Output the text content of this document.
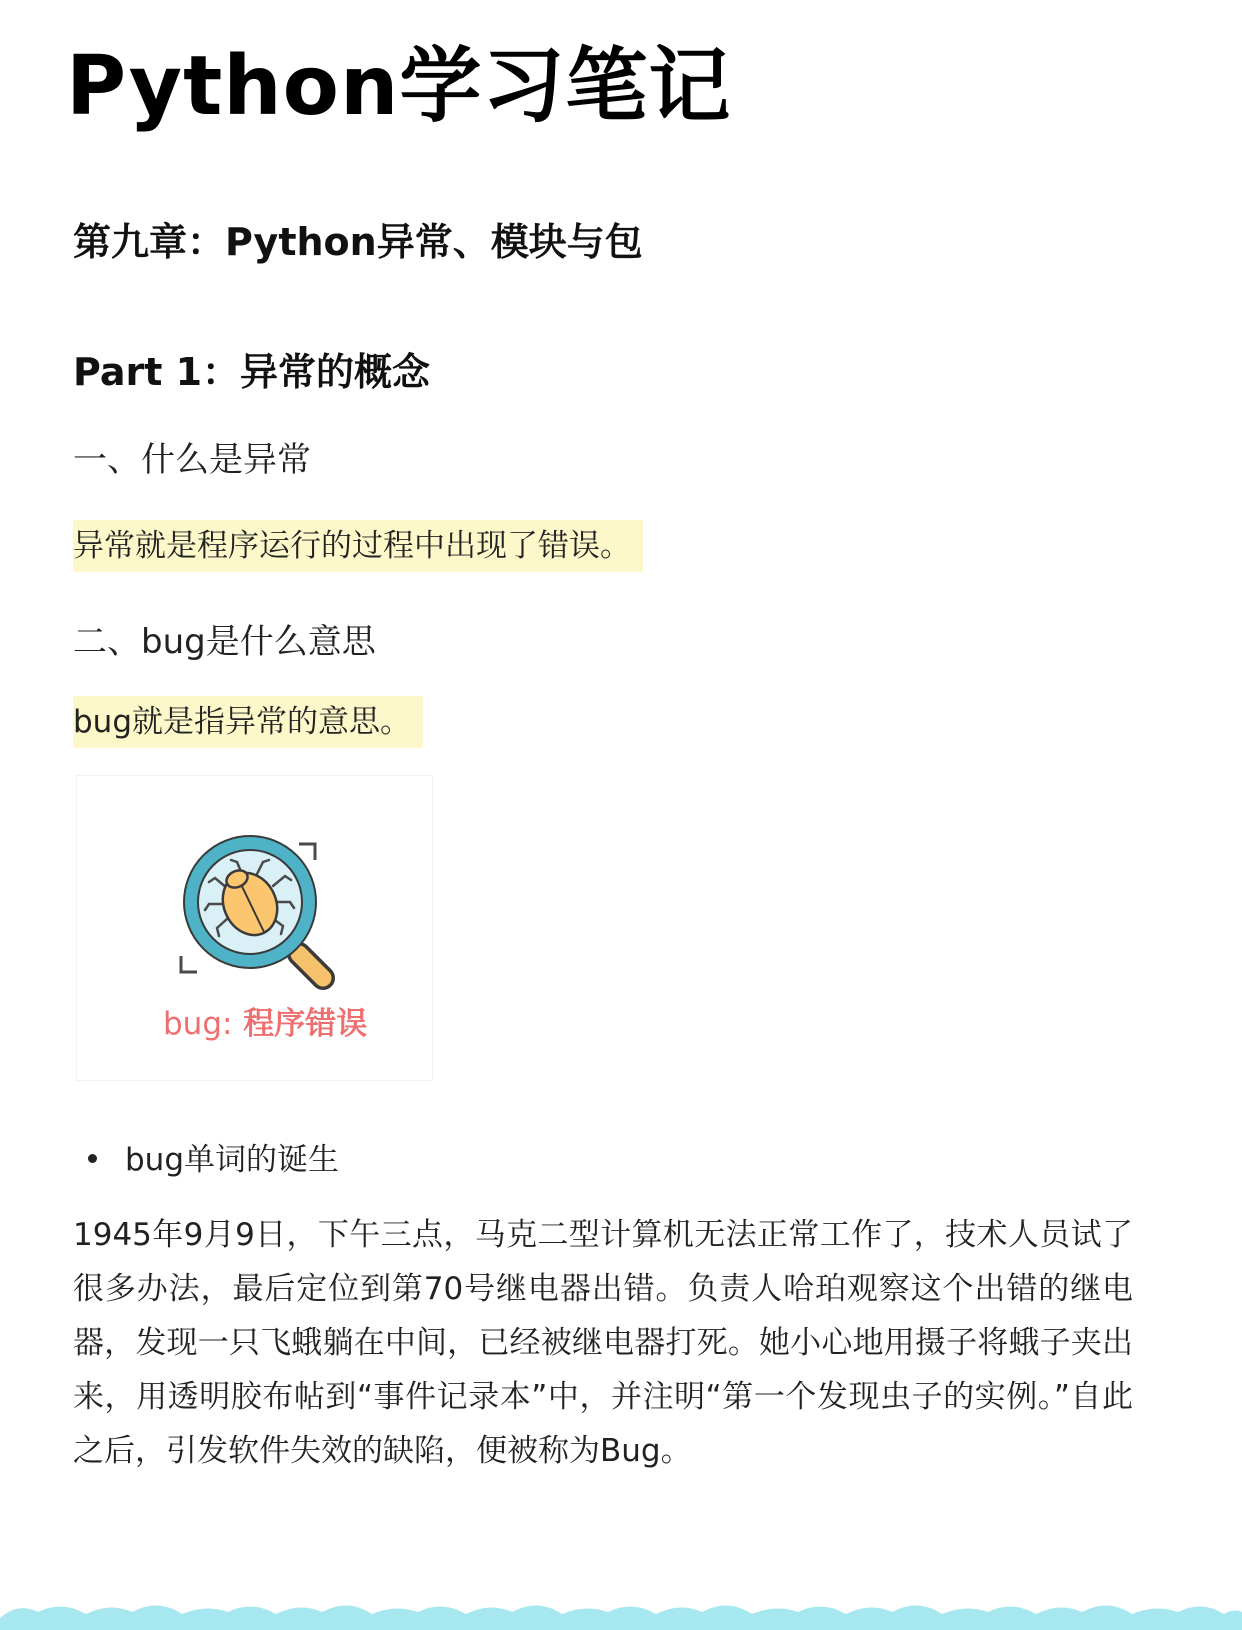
Python学习笔记
第九章：Python异常、模块与包
Part 1：异常的概念
一、什么是异常
异常就是程序运行的过程中出现了错误。
二、bug是什么意思
bug就是指异常的意思。
bug: 程序错误
bug单词的诞生

1945年9月9日，下午三点，马克二型计算机无法正常工作了，技术人员试了很多办法，最后定位到第70号继电器出错。负责人哈珀观察这个出错的继电器，发现一只飞蛾躺在中间，已经被继电器打死。她小心地用摄子将蛾子夹出来，用透明胶布帖到“事件记录本”中，并注明“第一个发现虫子的实例。”自此之后，引发软件失效的缺陷，便被称为Bug。
